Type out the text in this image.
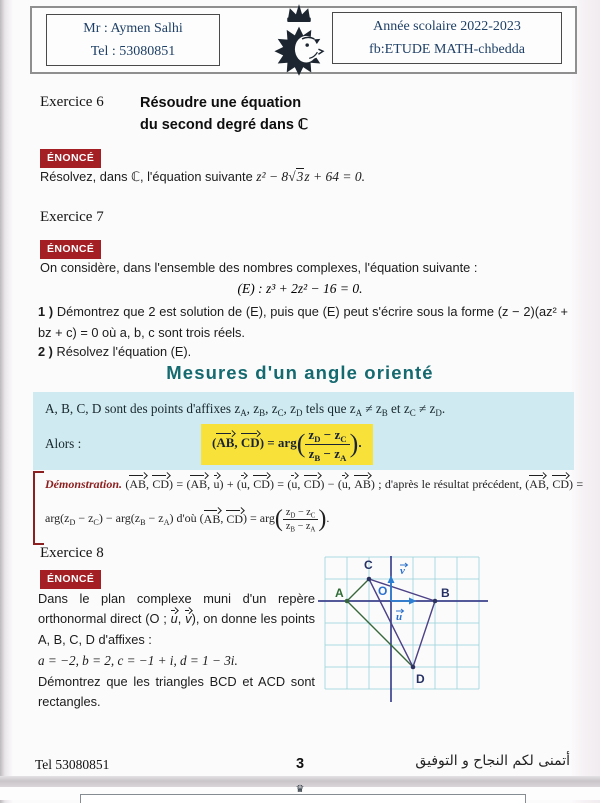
Mr : Aymen Salhi
Tel : 53080851
Année scolaire 2022-2023
fb:ETUDE MATH-chbedda
Exercice 6	Résoudre une équation
du second degré dans ℂ
ÉNONCÉ
Résolvez, dans ℂ, l'équation suivante z² − 8√3z + 64 = 0.
Exercice 7
ÉNONCÉ
On considère, dans l'ensemble des nombres complexes, l'équation suivante :
(E) : z³ + 2z² − 16 = 0.
1 ) Démontrez que 2 est solution de (E), puis que (E) peut s'écrire sous la forme (z − 2)(az² + bz + c) = 0 où a, b, c sont trois réels.
2 ) Résolvez l'équation (E).
Mesures d'un angle orienté
A, B, C, D sont des points d'affixes $z_A$, $z_B$, $z_C$, $z_D$ tels que $z_A \ne z_B$ et $z_C \ne z_D$.
Alors :	(AB, $CD) = arg( \frac{z_D - z_C}{z_B - z_A}$ ).
Démonstration. (AB, CD) = (AB, u) + (u, CD) = (u, CD) − (u, AB) ; d'après le résultat précédent, (AB, $CD) = arg(z_D - z_C) - arg(z_B - z_A)$ d'où (AB, $CD) = arg( \frac{z_D - z_C}{z_B - z_A}$ ).
Exercice 8
ÉNONCÉ
Dans le plan complexe muni d'un repère orthonormal direct (O ; u, v), on donne les points A, B, C, D d'affixes :
a = −2, b = 2, c = −1 + i, d = 1 − 3i.
Démontrez que les triangles BCD et ACD sont rectangles.
A	B
C
D
O
u
v
Tel 53080851	3	أتمنى لكم النجاح و التوفيق
♛
